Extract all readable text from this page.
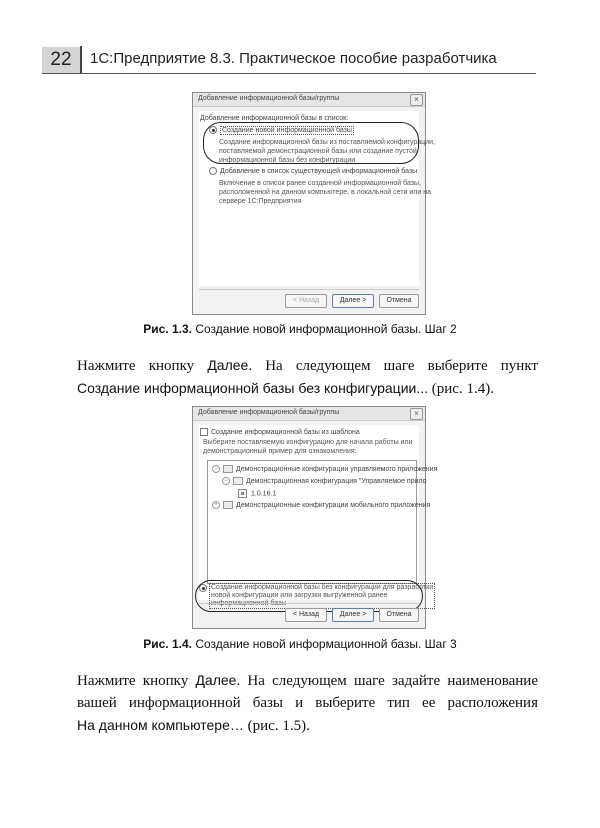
22	1С:Предприятие 8.3. Практическое пособие разработчика
Добавление информационной базы/группы	×
Добавление информационной базы в список:
Создание новой информационной базы
Создание информационной базы из поставляемой конфигурации,
поставляемой демонстрационной базы или создание пустой
информационной базы без конфигурации
Добавление в список существующей информационной базы
Включение в список ранее созданной информационной базы,
расположенной на данном компьютере, в локальной сети или на
сервере 1С:Предприятия
< Назад	Далее >	Отмена
Рис. 1.3. Создание новой информационной базы. Шаг 2
Нажмите кнопку Далее. На следующем шаге выберите пункт
Создание информационной базы без конфигурации... (рис. 1.4).
Добавление информационной базы/группы	×
Создание информационной базы из шаблона
Выберите поставляемую конфигурацию для начала работы или
демонстрационный пример для ознакомления:
−	Демонстрационные конфигурации управляемого приложения
−	Демонстрационная конфигурация "Управляемое прило
1.0.16.1
+	Демонстрационные конфигурации мобильного приложения
Создание информационной базы без конфигурации для разработки
новой конфигурации или загрузки выгруженной ранее
< Назад	Далее >	Отмена
Рис. 1.4. Создание новой информационной базы. Шаг 3
Нажмите кнопку Далее. На следующем шаге задайте наименование
вашей информационной базы и выберите тип ее расположения
На данном компьютере… (рис. 1.5).
